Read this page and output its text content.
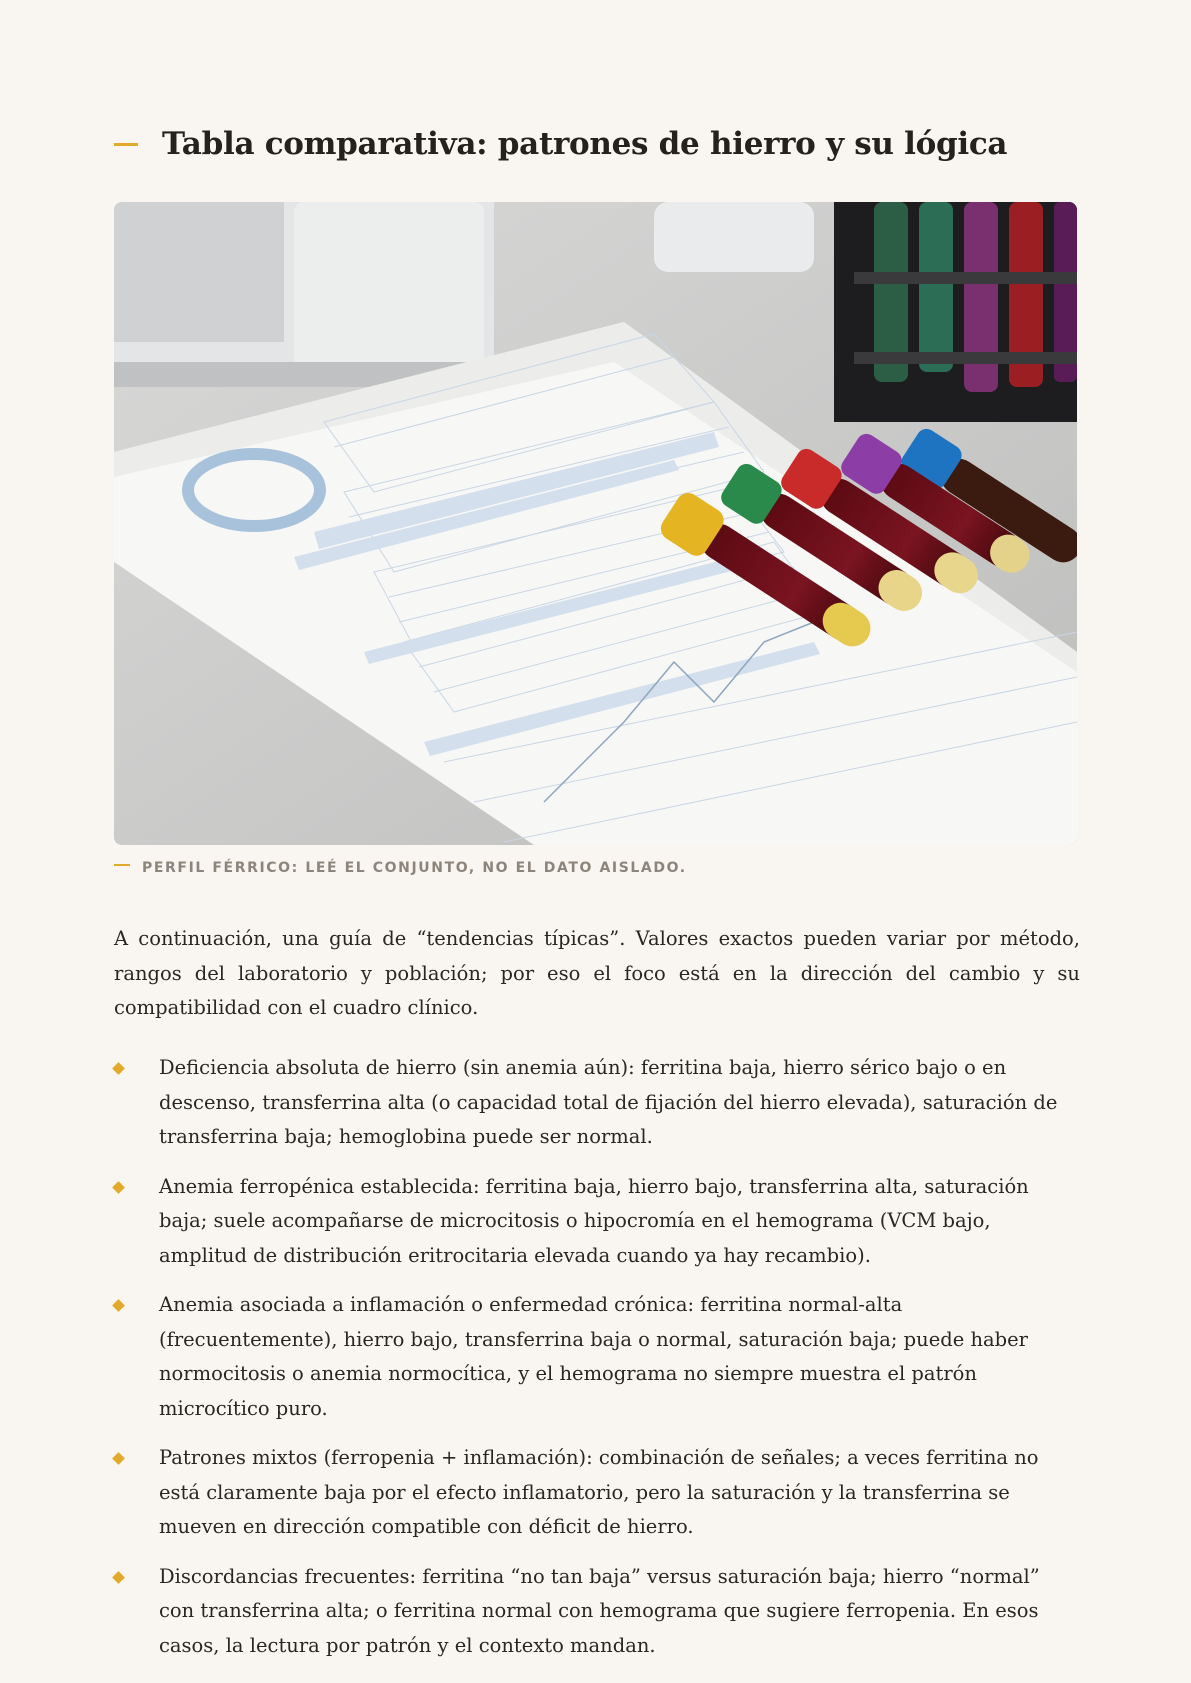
Tabla comparativa: patrones de hierro y su lógica
PERFIL FÉRRICO: LEÉ EL CONJUNTO, NO EL DATO AISLADO.

A continuación, una guía de “tendencias típicas”. Valores exactos pueden variar por método, rangos del laboratorio y población; por eso el foco está en la dirección del cambio y su compatibilidad con el cuadro clínico.

Deficiencia absoluta de hierro (sin anemia aún): ferritina baja, hierro sérico bajo o en descenso, transferrina alta (o capacidad total de fijación del hierro elevada), saturación de transferrina baja; hemoglobina puede ser normal.
Anemia ferropénica establecida: ferritina baja, hierro bajo, transferrina alta, saturación baja; suele acompañarse de microcitosis o hipocromía en el hemograma (VCM bajo, amplitud de distribución eritrocitaria elevada cuando ya hay recambio).
Anemia asociada a inflamación o enfermedad crónica: ferritina normal-alta (frecuentemente), hierro bajo, transferrina baja o normal, saturación baja; puede haber normocitosis o anemia normocítica, y el hemograma no siempre muestra el patrón microcítico puro.
Patrones mixtos (ferropenia + inflamación): combinación de señales; a veces ferritina no está claramente baja por el efecto inflamatorio, pero la saturación y la transferrina se mueven en dirección compatible con déficit de hierro.
Discordancias frecuentes: ferritina “no tan baja” versus saturación baja; hierro “normal” con transferrina alta; o ferritina normal con hemograma que sugiere ferropenia. En esos casos, la lectura por patrón y el contexto mandan.
